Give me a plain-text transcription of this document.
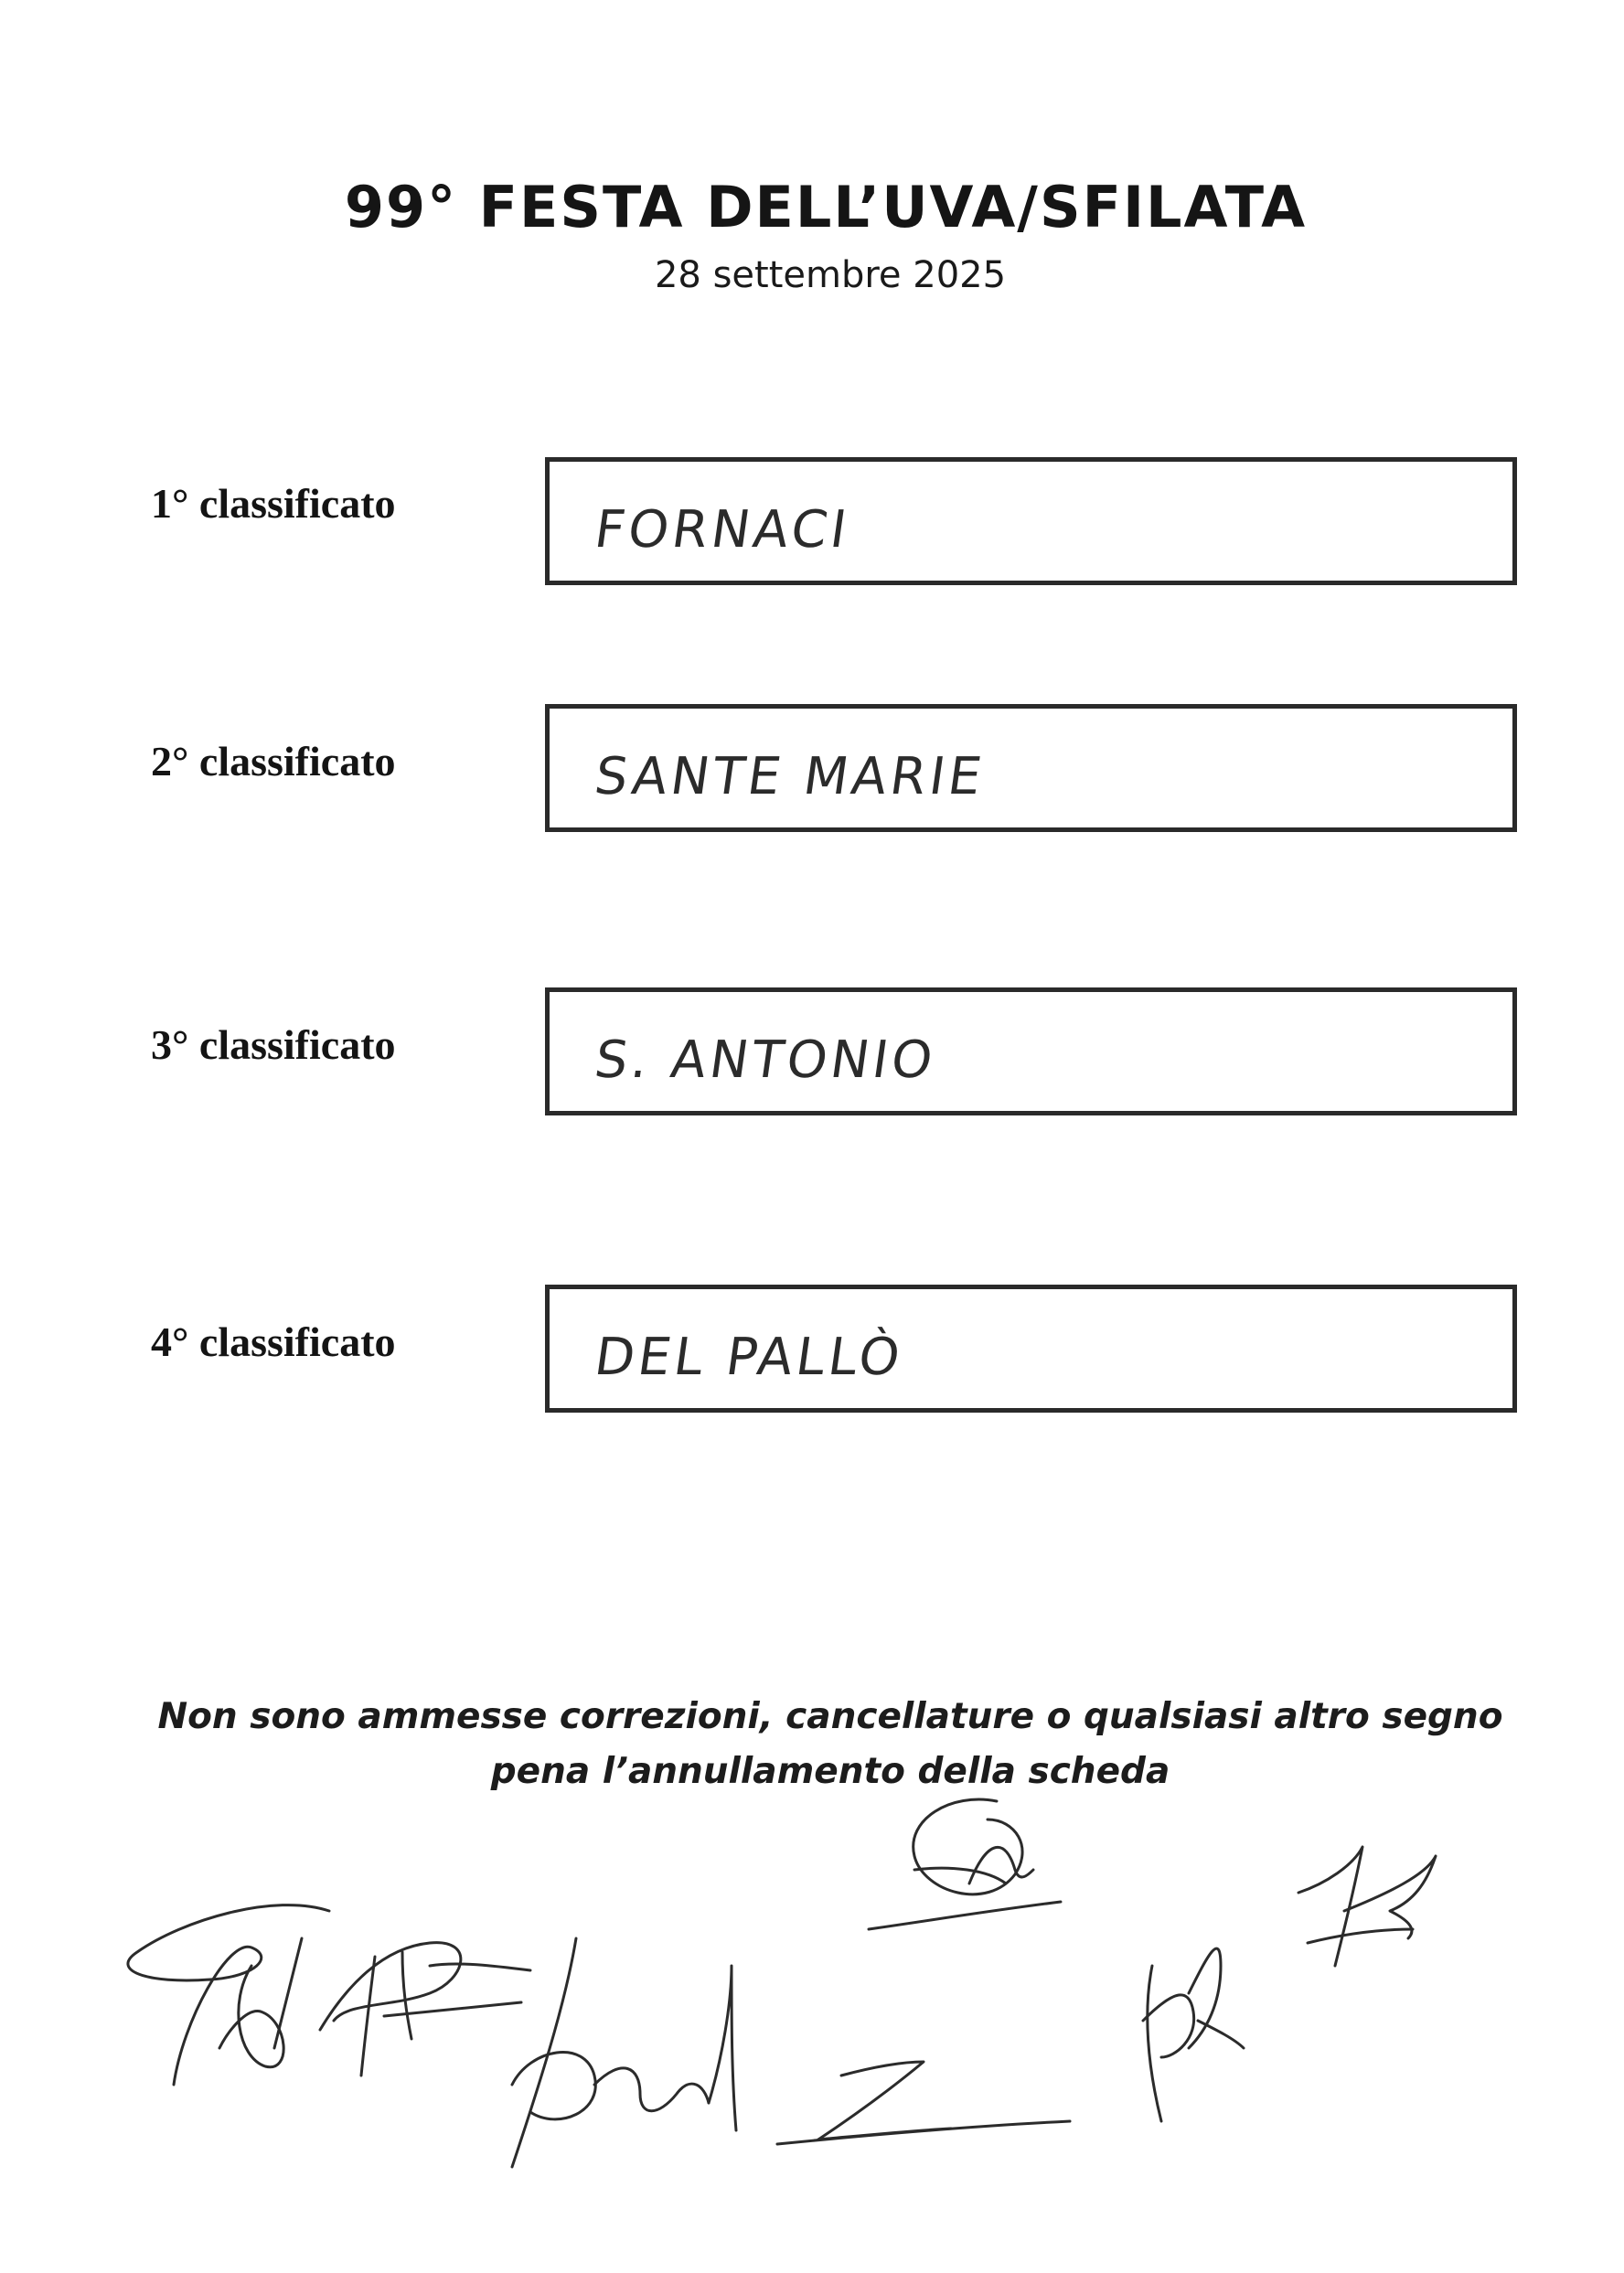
99° FESTA DELL’UVA/SFILATA
28 settembre 2025
1° classificato	FORNACI
2° classificato	SANTE MARIE
3° classificato	S. ANTONIO
4° classificato	DEL PALLÒ
Non sono ammesse correzioni, cancellature o qualsiasi altro segno
pena l’annullamento della scheda
